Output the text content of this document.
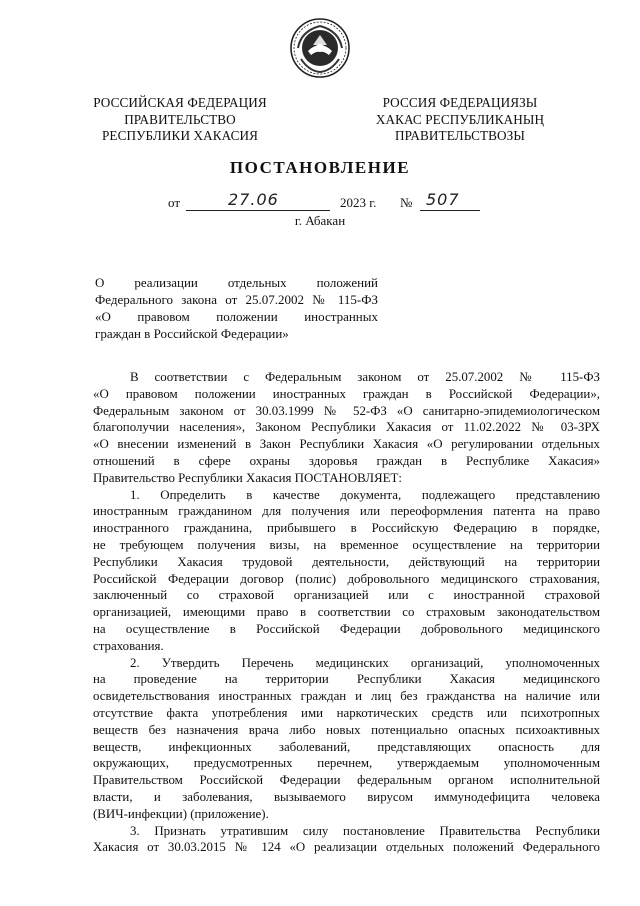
РОССИЙСКАЯ ФЕДЕРАЦИЯ
ПРАВИТЕЛЬСТВО
РЕСПУБЛИКИ ХАКАСИЯ
РОССИЯ ФЕДЕРАЦИЯЗЫ
ХАКАС РЕСПУБЛИКАНЫҢ
ПРАВИТЕЛЬСТВОЗЫ
ПОСТАНОВЛЕНИЕ
от	27.06	2023 г. № 507
г. Абакан
О реализации отдельных положений
Федерального закона от 25.07.2002 № 115-ФЗ
«О правовом положении иностранных
граждан в Российской Федерации»
В соответствии с Федеральным законом от 25.07.2002 № 115-ФЗ
«О правовом положении иностранных граждан в Российской Федерации»,
Федеральным законом от 30.03.1999 № 52-ФЗ «О санитарно-эпидемиологическом
благополучии населения», Законом Республики Хакасия от 11.02.2022 № 03-ЗРХ
«О внесении изменений в Закон Республики Хакасия «О регулировании отдельных
отношений в сфере охраны здоровья граждан в Республике Хакасия»
Правительство Республики Хакасия ПОСТАНОВЛЯЕТ:
1. Определить в качестве документа, подлежащего представлению
иностранным гражданином для получения или переоформления патента на право
иностранного гражданина, прибывшего в Российскую Федерацию в порядке,
не требующем получения визы, на временное осуществление на территории
Республики Хакасия трудовой деятельности, действующий на территории
Российской Федерации договор (полис) добровольного медицинского страхования,
заключенный со страховой организацией или с иностранной страховой
организацией, имеющими право в соответствии со страховым законодательством
на осуществление в Российской Федерации добровольного медицинского
страхования.
2. Утвердить Перечень медицинских организаций, уполномоченных
на проведение на территории Республики Хакасия медицинского
освидетельствования иностранных граждан и лиц без гражданства на наличие или
отсутствие факта употребления ими наркотических средств или психотропных
веществ без назначения врача либо новых потенциально опасных психоактивных
веществ, инфекционных заболеваний, представляющих опасность для
окружающих, предусмотренных перечнем, утверждаемым уполномоченным
Правительством Российской Федерации федеральным органом исполнительной
власти, и заболевания, вызываемого вирусом иммунодефицита человека
(ВИЧ-инфекции) (приложение).
3. Признать утратившим силу постановление Правительства Республики
Хакасия от 30.03.2015 № 124 «О реализации отдельных положений Федерального
